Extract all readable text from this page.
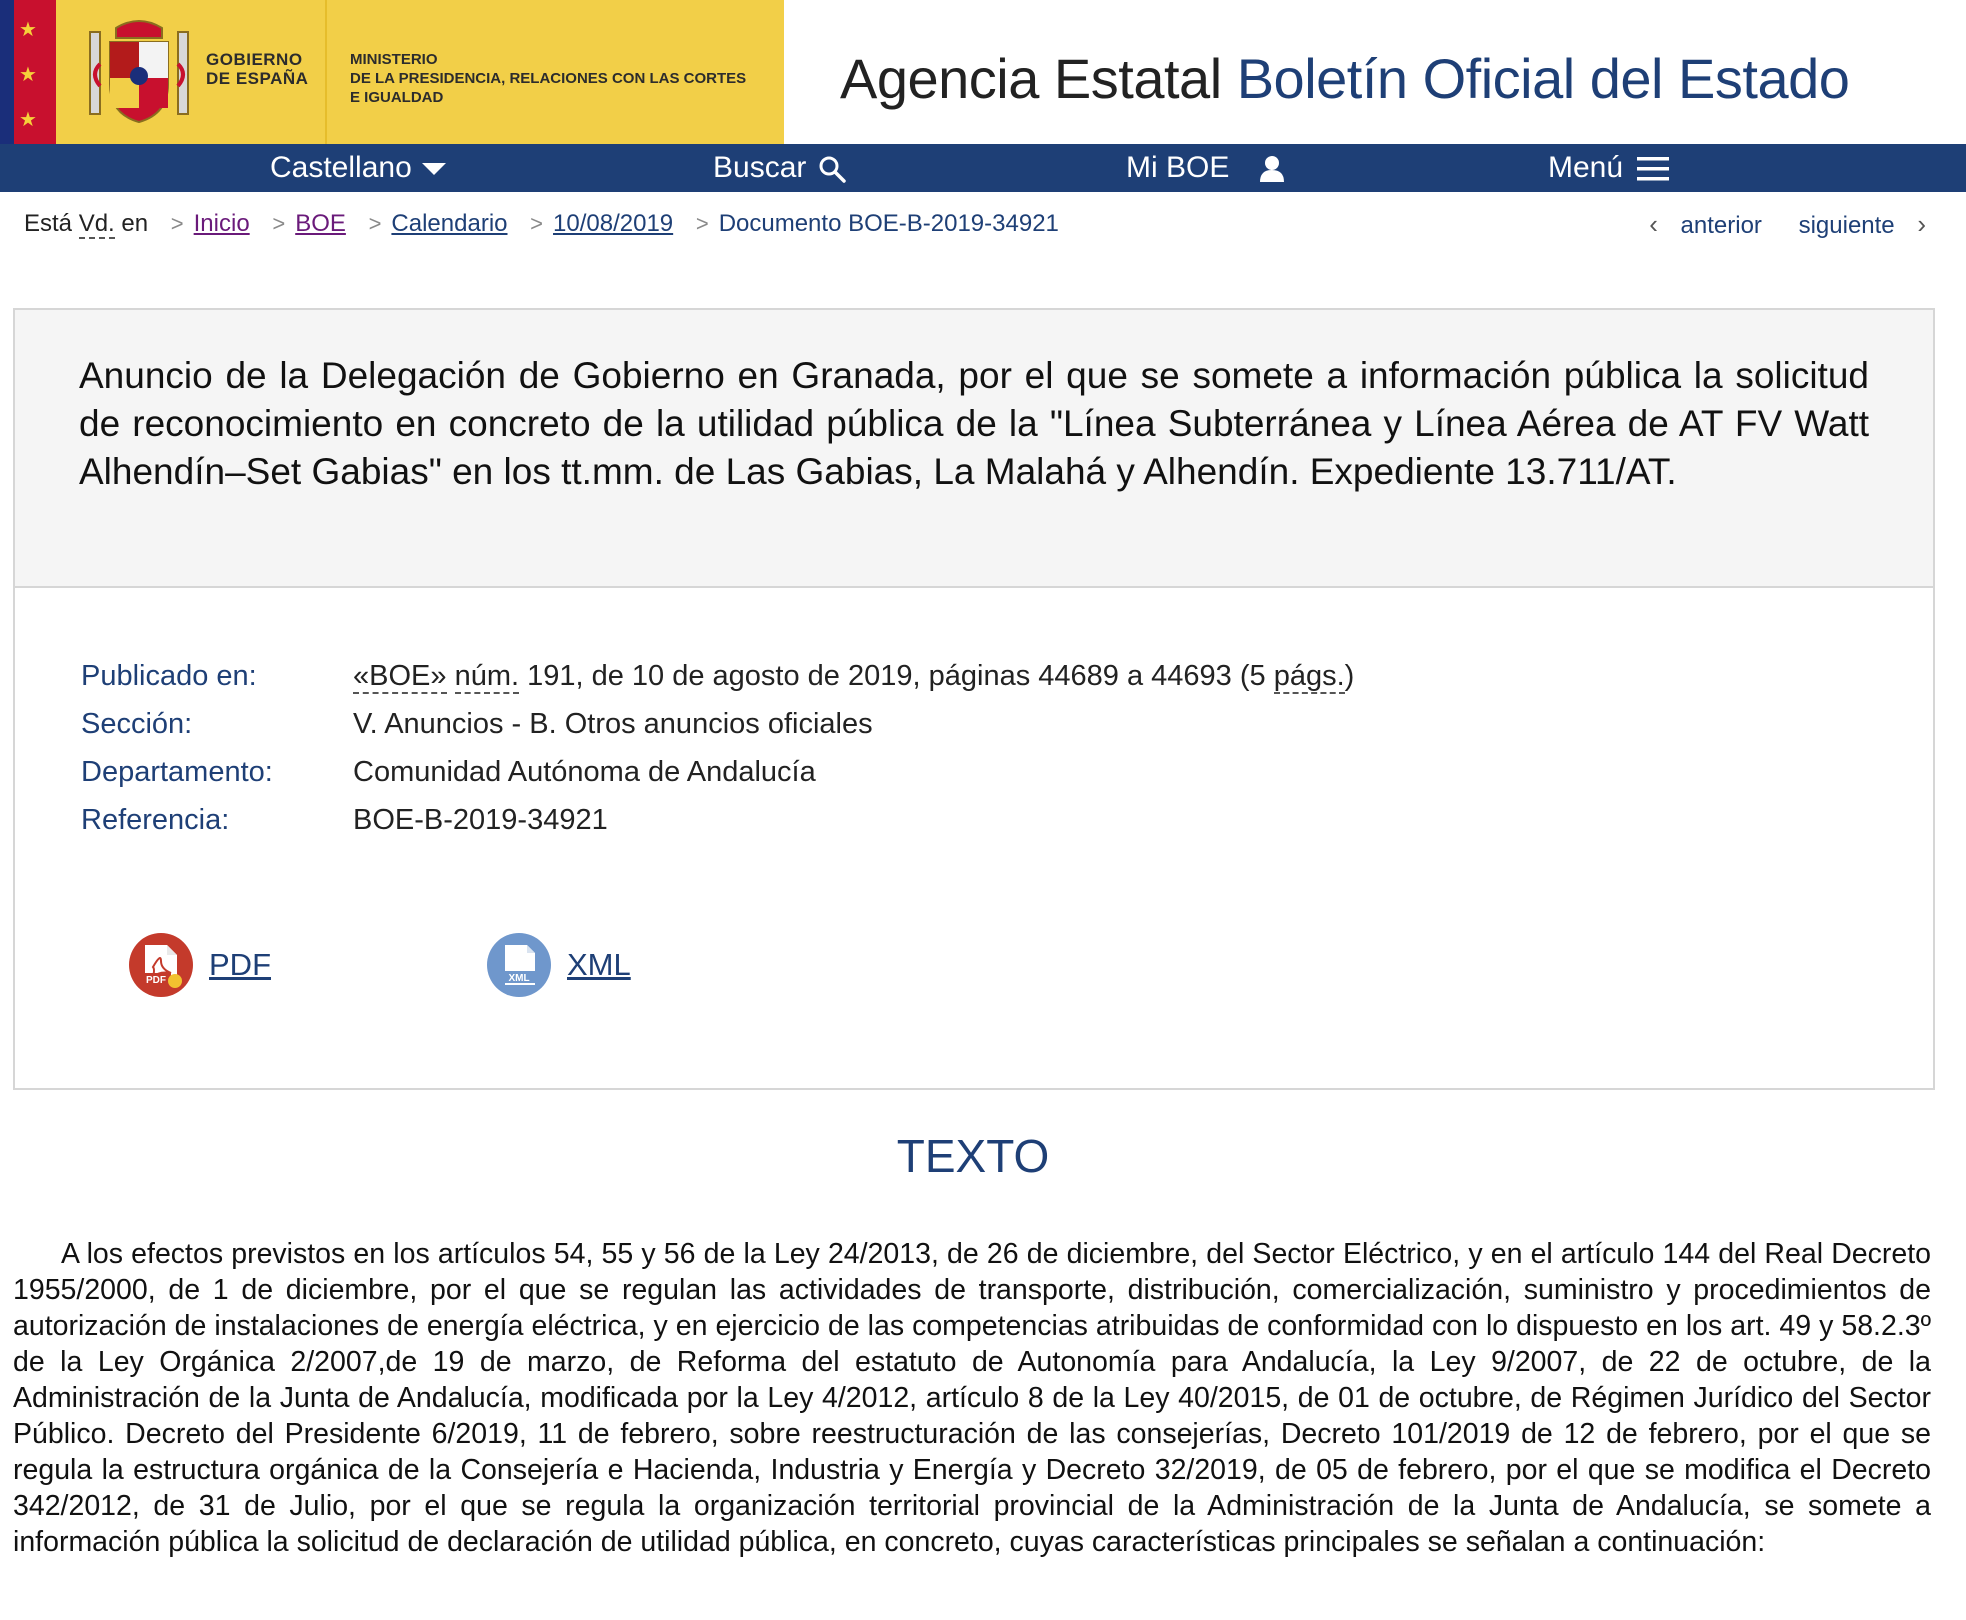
★
★
★
GOBIERNO
DE ESPAÑA
MINISTERIO
DE LA PRESIDENCIA, RELACIONES CON LAS CORTES
E IGUALDAD	Agencia Estatal Boletín Oficial del Estado
Castellano	Buscar	Mi BOE	Menú
Está Vd. en > Inicio > BOE > Calendario > 10/08/2019 > Documento BOE-B-2019-34921	‹ anterior siguiente ›
Anuncio de la Delegación de Gobierno en Granada, por el que se somete a información pública la solicitud de reconocimiento en concreto de la utilidad pública de la "Línea Subterránea y Línea Aérea de AT FV Watt Alhendín–Set Gabias" en los tt.mm. de Las Gabias, La Malahá y Alhendín. Expediente 13.711/AT.
Publicado en:	«BOE» núm. 191, de 10 de agosto de 2019, páginas 44689 a 44693 (5 págs.)
Sección:	V. Anuncios - B. Otros anuncios oficiales
Departamento:	Comunidad Autónoma de Andalucía
Referencia:	BOE-B-2019-34921
PDF PDF	XML XML
TEXTO

A los efectos previstos en los artículos 54, 55 y 56 de la Ley 24/2013, de 26 de diciembre, del Sector Eléctrico, y en el artículo 144 del Real Decreto 1955/2000, de 1 de diciembre, por el que se regulan las actividades de transporte, distribución, comercialización, suministro y procedimientos de autorización de instalaciones de energía eléctrica, y en ejercicio de las competencias atribuidas de conformidad con lo dispuesto en los art. 49 y 58.2.3º de la Ley Orgánica 2/2007,de 19 de marzo, de Reforma del estatuto de Autonomía para Andalucía, la Ley 9/2007, de 22 de octubre, de la Administración de la Junta de Andalucía, modificada por la Ley 4/2012, artículo 8 de la Ley 40/2015, de 01 de octubre, de Régimen Jurídico del Sector Público. Decreto del Presidente 6/2019, 11 de febrero, sobre reestructuración de las consejerías, Decreto 101/2019 de 12 de febrero, por el que se regula la estructura orgánica de la Consejería e Hacienda, Industria y Energía y Decreto 32/2019, de 05 de febrero, por el que se modifica el Decreto 342/2012, de 31 de Julio, por el que se regula la organización territorial provincial de la Administración de la Junta de Andalucía, se somete a información pública la solicitud de declaración de utilidad pública, en concreto, cuyas características principales se señalan a continuación:
